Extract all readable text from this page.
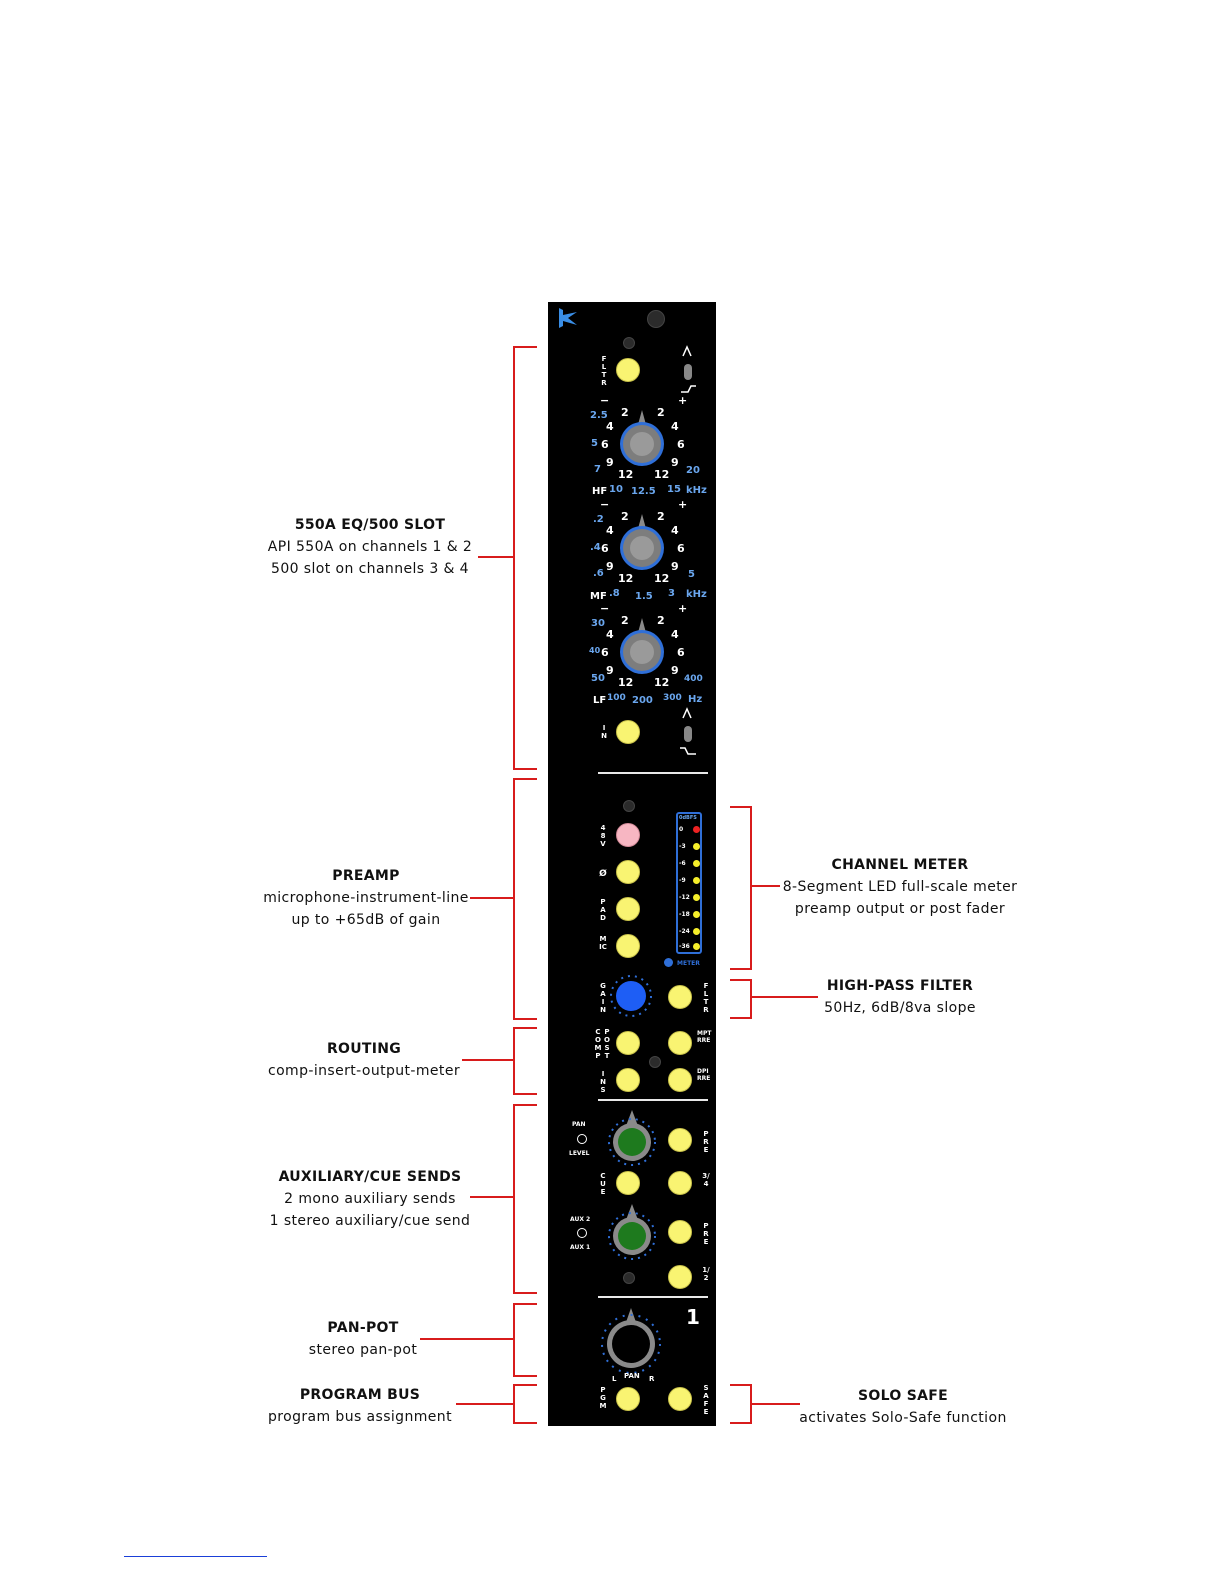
550A EQ/500 SLOT
API 550A on channels 1 & 2
500 slot on channels 3 & 4
PREAMP
microphone-instrument-line
up to +65dB of gain
ROUTING
comp-insert-output-meter
AUXILIARY/CUE SENDS
2 mono auxiliary sends
1 stereo auxiliary/cue send
PAN-POT
stereo pan-pot
PROGRAM BUS
program bus assignment
CHANNEL METER
8-Segment LED full-scale meter
preamp output or post fader
HIGH-PASS FILTER
50Hz, 6dB/8va slope
SOLO SAFE
activates Solo-Safe function
FLTR
−	+
2
4
6
9
12 12
9
6
4
2
2.5
5
7	20
HF 10 12.5 15 kHz
−	+
2
4
6
9
12 12
9
6
4
2
.2
.4
.6	5
MF .8 1.5 3 kHz
−	+
2
4
6
9
12 12
9
6
4
2
30
40
50	400
LF 100 200 300 Hz
IN
48V
Ø
PAD
MIC
0dBFS
0
-3
-6
-9
-12
-18
-24
-36
METER
GAIN
FLTR
COMP
POST
MPTRRE
INS
DPIRRE
PAN
LEVEL
PRE
CUE
3/4
AUX 2
AUX 1
PRE
1/2
1
L PAN R
PGM
SAFE
